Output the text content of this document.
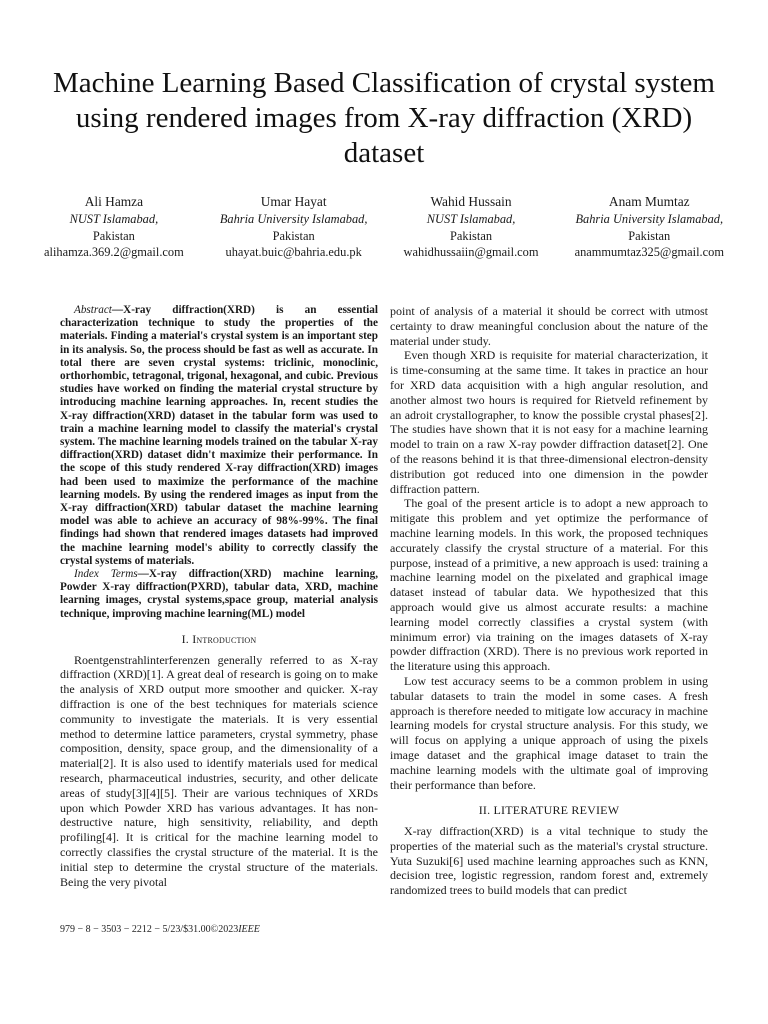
Machine Learning Based Classification of crystal system using rendered images from X-ray diffraction (XRD) dataset
Ali Hamza
NUST Islamabad,
Pakistan
alihamza.369.2@gmail.com
Umar Hayat
Bahria University Islamabad,
Pakistan
uhayat.buic@bahria.edu.pk
Wahid Hussain
NUST Islamabad,
Pakistan
wahidhussaiin@gmail.com
Anam Mumtaz
Bahria University Islamabad,
Pakistan
anammumtaz325@gmail.com

Abstract—X-ray diffraction(XRD) is an essential characterization technique to study the properties of the materials. Finding a material's crystal system is an important step in its analysis. So, the process should be fast as well as accurate. In total there are seven crystal systems: triclinic, monoclinic, orthorhombic, tetragonal, trigonal, hexagonal, and cubic. Previous studies have worked on finding the material crystal structure by introducing machine learning approaches. In, recent studies the X-ray diffraction(XRD) dataset in the tabular form was used to train a machine learning model to classify the material's crystal system. The machine learning models trained on the tabular X-ray diffraction(XRD) dataset didn't maximize their performance. In the scope of this study rendered X-ray diffraction(XRD) images had been used to maximize the performance of the machine learning models. By using the rendered images as input from the X-ray diffraction(XRD) tabular dataset the machine learning model was able to achieve an accuracy of 98%-99%. The final findings had shown that rendered images datasets had improved the machine learning model's ability to correctly classify the crystal systems of materials.

Index Terms—X-ray diffraction(XRD) machine learning, Powder X-ray diffraction(PXRD), tabular data, XRD, machine learning images, crystal systems,space group, material analysis technique, improving machine learning(ML) model

I. Introduction

Roentgenstrahlinterferenzen generally referred to as X-ray diffraction (XRD)[1]. A great deal of research is going on to make the analysis of XRD output more smoother and quicker. X-ray diffraction is one of the best techniques for materials science community to investigate the materials. It is very essential method to determine lattice parameters, crystal symmetry, phase composition, density, space group, and the dimensionality of a material[2]. It is also used to identify materials used for medical research, pharmaceutical industries, security, and other delicate areas of study[3][4][5]. Their are various techniques of XRDs upon which Powder XRD has various advantages. It has non-destructive nature, high sensitivity, reliability, and depth profiling[4]. It is critical for the machine learning model to correctly classifies the crystal structure of the material. It is the initial step to determine the crystal structure of the materials. Being the very pivotal

point of analysis of a material it should be correct with utmost certainty to draw meaningful conclusion about the nature of the material under study.

Even though XRD is requisite for material characterization, it is time-consuming at the same time. It takes in practice an hour for XRD data acquisition with a high angular resolution, and another almost two hours is required for Rietveld refinement by an adroit crystallographer, to know the possible crystal phases[2]. The studies have shown that it is not easy for a machine learning model to train on a raw X-ray powder diffraction dataset[2]. One of the reasons behind it is that three-dimensional electron-density distribution got reduced into one dimension in the powder diffraction pattern.

The goal of the present article is to adopt a new approach to mitigate this problem and yet optimize the performance of machine learning models. In this work, the proposed techniques accurately classify the crystal structure of a material. For this purpose, instead of a primitive, a new approach is used: training a machine learning model on the pixelated and graphical image dataset instead of tabular data. We hypothesized that this approach would give us almost accurate results: a machine learning model correctly classifies a crystal system (with minimum error) via training on the images datasets of X-ray powder diffraction (XRD). There is no previous work reported in the literature using this approach.

Low test accuracy seems to be a common problem in using tabular datasets to train the model in some cases. A fresh approach is therefore needed to mitigate low accuracy in machine learning models for crystal structure analysis. For this study, we will focus on applying a unique approach of using the pixels image dataset and the graphical image dataset to train the machine learning models with the ultimate goal of improving their performance than before.

II. LITERATURE REVIEW

X-ray diffraction(XRD) is a vital technique to study the properties of the material such as the material's crystal structure. Yuta Suzuki[6] used machine learning approaches such as KNN, decision tree, logistic regression, random forest and, extremely randomized trees to build models that can predict

979 − 8 − 3503 − 2212 − 5/23/$31.00©2023IEEE
